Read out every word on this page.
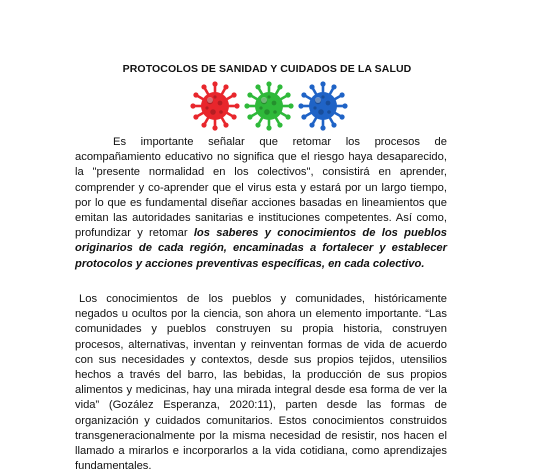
PROTOCOLOS DE SANIDAD Y CUIDADOS DE LA SALUD

Es importante señalar que retomar los procesos de acompañamiento educativo no significa que el riesgo haya desaparecido, la "presente normalidad en los colectivos", consistirá en aprender, comprender y co-aprender que el virus esta y estará por un largo tiempo, por lo que es fundamental diseñar acciones basadas en lineamientos que emitan las autoridades sanitarias e instituciones competentes. Así como, profundizar y retomar los saberes y conocimientos de los pueblos originarios de cada región, encaminadas a fortalecer y establecer protocolos y acciones preventivas específicas, en cada colectivo.

Los conocimientos de los pueblos y comunidades, históricamente negados u ocultos por la ciencia, son ahora un elemento importante. “Las comunidades y pueblos construyen su propia historia, construyen procesos, alternativas, inventan y reinventan formas de vida de acuerdo con sus necesidades y contextos, desde sus propios tejidos, utensilios hechos a través del barro, las bebidas, la producción de sus propios alimentos y medicinas, hay una mirada integral desde esa forma de ver la vida” (Gozález Esperanza, 2020:11), parten desde las formas de organización y cuidados comunitarios. Estos conocimientos construidos transgeneracionalmente por la misma necesidad de resistir, nos hacen el llamado a mirarlos e incorporarlos a la vida cotidiana, como aprendizajes fundamentales.
